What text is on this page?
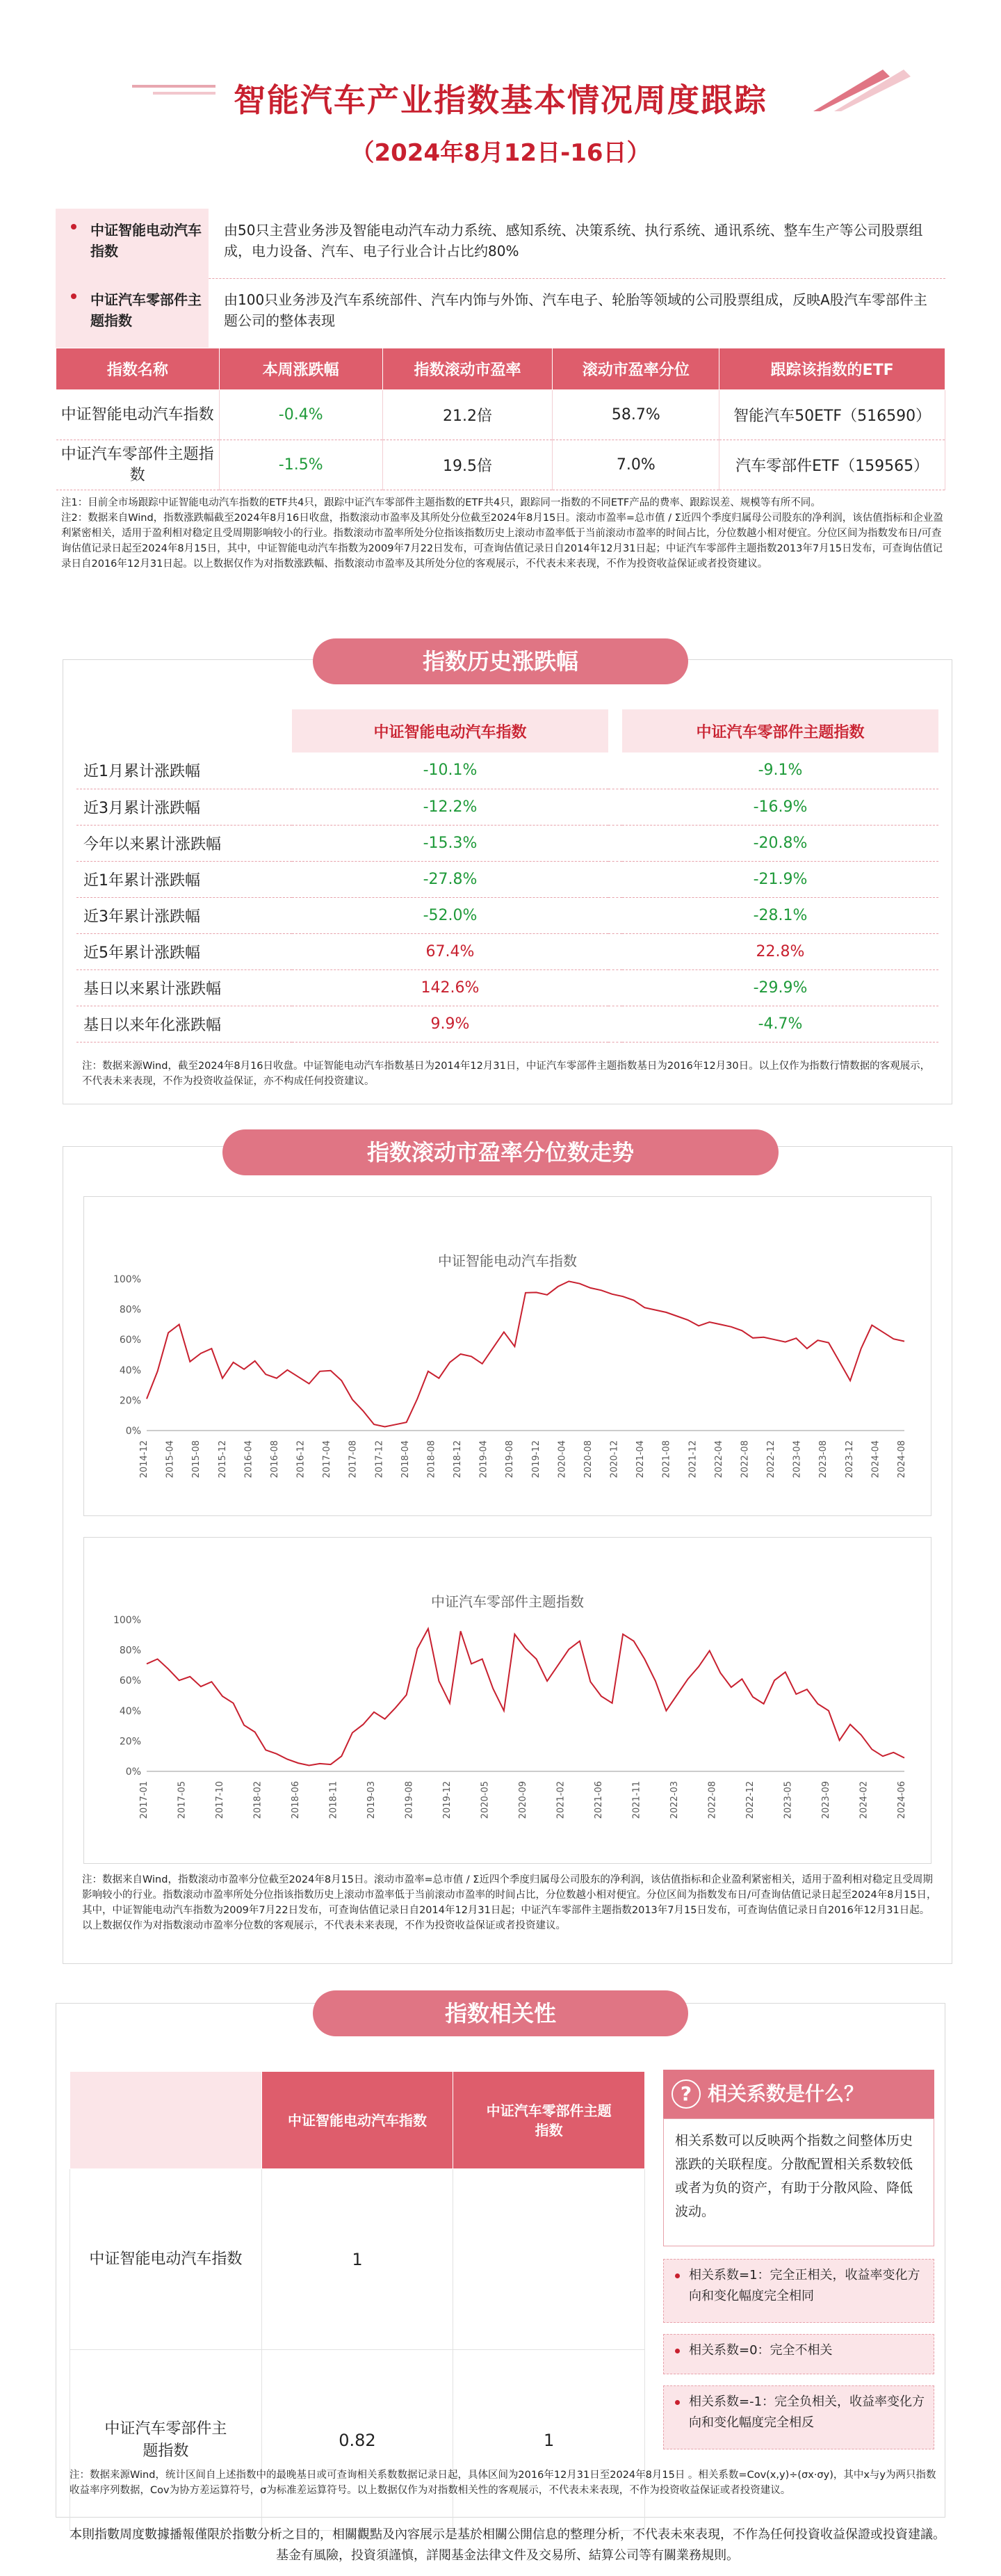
智能汽车产业指数基本情况周度跟踪
（2024年8月12日-16日）
中证智能电动汽车指数
由50只主营业务涉及智能电动汽车动力系统、感知系统、决策系统、执行系统、通讯系统、整车生产等公司股票组成，电力设备、汽车、电子行业合计占比约80%
中证汽车零部件主题指数
由100只业务涉及汽车系统部件、汽车内饰与外饰、汽车电子、轮胎等领域的公司股票组成，反映A股汽车零部件主题公司的整体表现
指数名称	本周涨跌幅	指数滚动市盈率	滚动市盈率分位	跟踪该指数的ETF
中证智能电动汽车指数	-0.4%	21.2倍	58.7%	智能汽车50ETF（516590）
中证汽车零部件主题指数	-1.5%	19.5倍	7.0%	汽车零部件ETF（159565）

注1：目前全市场跟踪中证智能电动汽车指数的ETF共4只，跟踪中证汽车零部件主题指数的ETF共4只，跟踪同一指数的不同ETF产品的费率、跟踪误差、规模等有所不同。

注2：数据来自Wind，指数涨跌幅截至2024年8月16日收盘，指数滚动市盈率及其所处分位截至2024年8月15日。滚动市盈率=总市值 / Σ近四个季度归属母公司股东的净利润，该估值指标和企业盈利紧密相关，适用于盈利相对稳定且受周期影响较小的行业。指数滚动市盈率所处分位指该指数历史上滚动市盈率低于当前滚动市盈率的时间占比，分位数越小相对便宜。分位区间为指数发布日/可查询估值记录日起至2024年8月15日，其中，中证智能电动汽车指数为2009年7月22日发布，可查询估值记录日自2014年12月31日起；中证汽车零部件主题指数2013年7月15日发布，可查询估值记录日自2016年12月31日起。以上数据仅作为对指数涨跌幅、指数滚动市盈率及其所处分位的客观展示，不代表未来表现，不作为投资收益保证或者投资建议。

指数历史涨跌幅
	中证智能电动汽车指数		中证汽车零部件主题指数
近1月累计涨跌幅	-10.1%		-9.1%
近3月累计涨跌幅	-12.2%		-16.9%
今年以来累计涨跌幅	-15.3%		-20.8%
近1年累计涨跌幅	-27.8%		-21.9%
近3年累计涨跌幅	-52.0%		-28.1%
近5年累计涨跌幅	67.4%		22.8%
基日以来累计涨跌幅	142.6%		-29.9%
基日以来年化涨跌幅	9.9%		-4.7%
注：数据来源Wind，截至2024年8月16日收盘。中证智能电动汽车指数基日为2014年12月31日，中证汽车零部件主题指数基日为2016年12月30日。以上仅作为指数行情数据的客观展示，不代表未来表现，不作为投资收益保证，亦不构成任何投资建议。
指数滚动市盈率分位数走势
中证智能电动汽车指数
0%
20%
40%
60%
80%
100%
2014-12 2015-04 2015-08 2015-12 2016-04 2016-08 2016-12 2017-04 2017-08 2017-12 2018-04 2018-08 2018-12 2019-04 2019-08 2019-12 2020-04 2020-08 2020-12 2021-04 2021-08 2021-12 2022-04 2022-08 2022-12 2023-04 2023-08 2023-12 2024-04 2024-08
中证汽车零部件主题指数
0%
20%
40%
60%
80%
100%
2017-01	2017-05	2017-10	2018-02	2018-06	2018-11	2019-03	2019-08	2019-12	2020-05	2020-09	2021-02	2021-06	2021-11	2022-03	2022-08	2022-12	2023-05	2023-09	2024-02	2024-06
注：数据来自Wind，指数滚动市盈率分位截至2024年8月15日。滚动市盈率=总市值 / Σ近四个季度归属母公司股东的净利润，该估值指标和企业盈利紧密相关，适用于盈利相对稳定且受周期影响较小的行业。指数滚动市盈率所处分位指该指数历史上滚动市盈率低于当前滚动市盈率的时间占比，分位数越小相对便宜。分位区间为指数发布日/可查询估值记录日起至2024年8月15日，其中，中证智能电动汽车指数为2009年7月22日发布，可查询估值记录日自2014年12月31日起；中证汽车零部件主题指数2013年7月15日发布，可查询估值记录日自2016年12月31日起。以上数据仅作为对指数滚动市盈率分位数的客观展示，不代表未来表现，不作为投资收益保证或者投资建议。
指数相关性
	中证智能电动汽车指数	中证汽车零部件主题指数
中证智能电动汽车指数	1	
中证汽车零部件主题指数	0.82	1
? 相关系数是什么？
相关系数可以反映两个指数之间整体历史涨跌的关联程度。分散配置相关系数较低或者为负的资产，有助于分散风险、降低波动。
相关系数=1：完全正相关，收益率变化方向和变化幅度完全相同
相关系数=0：完全不相关
相关系数=-1：完全负相关，收益率变化方向和变化幅度完全相反
注：数据来源Wind，统计区间自上述指数中的最晚基日或可查询相关系数数据记录日起，具体区间为2016年12月31日至2024年8月15日 。相关系数=Cov(x,y)÷(σx·σy)，其中x与y为两只指数收益率序列数据，Cov为协方差运算符号，σ为标准差运算符号。以上数据仅作为对指数相关性的客观展示，不代表未来表现，不作为投资收益保证或者投资建议。
本則指數周度數據播報僅限於指數分析之目的，相關觀點及內容展示是基於相關公開信息的整理分析，不代表未來表現，不作為任何投資收益保證或投資建議。基金有風險，投資須謹慎，詳閱基金法律文件及交易所、結算公司等有關業務規則。
